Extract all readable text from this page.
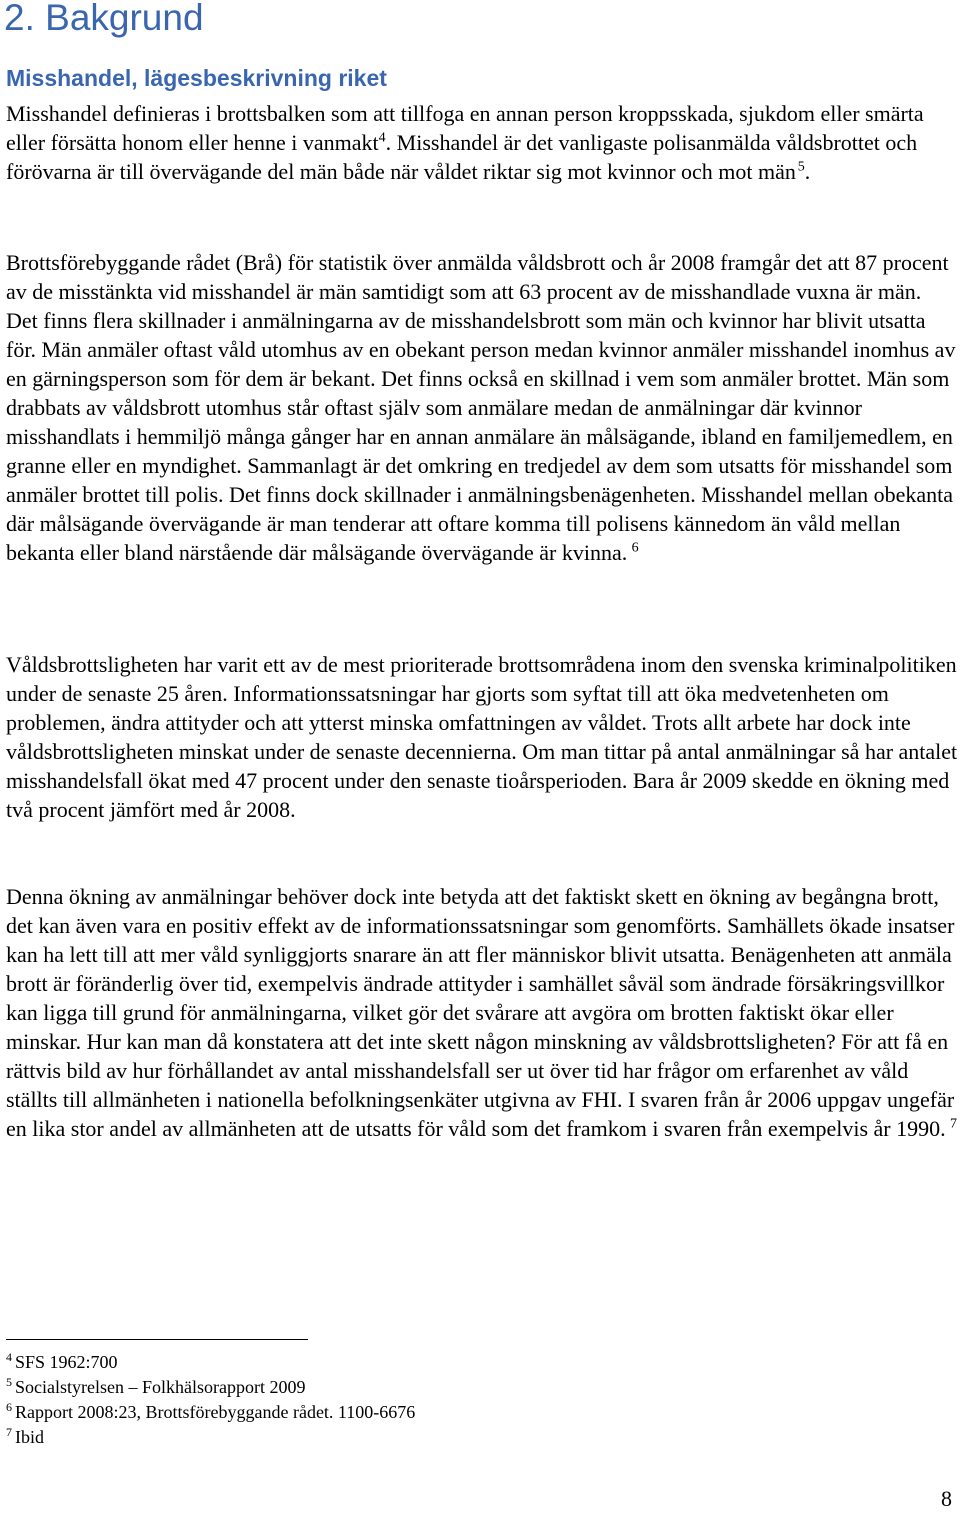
2. Bakgrund
Misshandel, lägesbeskrivning riket

Misshandel definieras i brottsbalken som att tillfoga en annan person kroppsskada, sjukdom eller smärta eller försätta honom eller henne i vanmakt$^4$. Misshandel är det vanligaste polisanmälda våldsbrottet och förövarna är till övervägande del män både när våldet riktar sig mot kvinnor och mot män  $^5$.

Brottsförebyggande rådet (Brå) för statistik över anmälda våldsbrott och år 2008 framgår det att 87 procent av de misstänkta vid misshandel är män samtidigt som att 63 procent av de misshandlade vuxna är män. Det finns flera skillnader i anmälningarna av de misshandelsbrott som män och kvinnor har blivit utsatta för. Män anmäler oftast våld utomhus av en obekant person medan kvinnor anmäler misshandel inomhus av en gärningsperson som för dem är bekant. Det finns också en skillnad i vem som anmäler brottet. Män som drabbats av våldsbrott utomhus står oftast själv som anmälare medan de anmälningar där kvinnor misshandlats i hemmiljö många gånger har en annan anmälare än målsägande, ibland en familjemedlem, en granne eller en myndighet. Sammanlagt är det omkring en tredjedel av dem som utsatts för misshandel som anmäler brottet till polis. Det finns dock skillnader i anmälningsbenägenheten. Misshandel mellan obekanta där målsägande övervägande är man tenderar att oftare komma till polisens kännedom än våld mellan bekanta eller bland närstående där målsägande övervägande är kvinna.  $^6$

Våldsbrottsligheten har varit ett av de mest prioriterade brottsområdena inom den svenska kriminalpolitiken under de senaste 25 åren. Informationssatsningar har gjorts som syftat till att öka medvetenheten om problemen, ändra attityder och att ytterst minska omfattningen av våldet. Trots allt arbete har dock inte våldsbrottsligheten minskat under de senaste decennierna. Om man tittar på antal anmälningar så har antalet misshandelsfall ökat med 47 procent under den senaste tioårsperioden. Bara år 2009 skedde en ökning med två procent jämfört med år 2008.

Denna ökning av anmälningar behöver dock inte betyda att det faktiskt skett en ökning av begångna brott, det kan även vara en positiv effekt av de informationssatsningar som genomförts. Samhällets ökade insatser kan ha lett till att mer våld synliggjorts snarare än att fler människor blivit utsatta. Benägenheten att anmäla brott är föränderlig över tid, exempelvis ändrade attityder i samhället såväl som ändrade försäkringsvillkor kan ligga till grund för anmälningarna, vilket gör det svårare att avgöra om brotten faktiskt ökar eller minskar. Hur kan man då konstatera att det inte skett någon minskning av våldsbrottsligheten? För att få en rättvis bild av hur förhållandet av antal misshandelsfall ser ut över tid har frågor om erfarenhet av våld ställts till allmänheten i nationella befolkningsenkäter utgivna av FHI. I svaren från år 2006 uppgav ungefär en lika stor andel av allmänheten att de utsatts för våld som det framkom i svaren från exempelvis år 1990.  $^7$

$^4$ SFS 1962:700
$^5$ Socialstyrelsen – Folkhälsorapport 2009
$^6$ Rapport 2008:23, Brottsförebyggande rådet. 1100-6676
$^7$ Ibid
8
